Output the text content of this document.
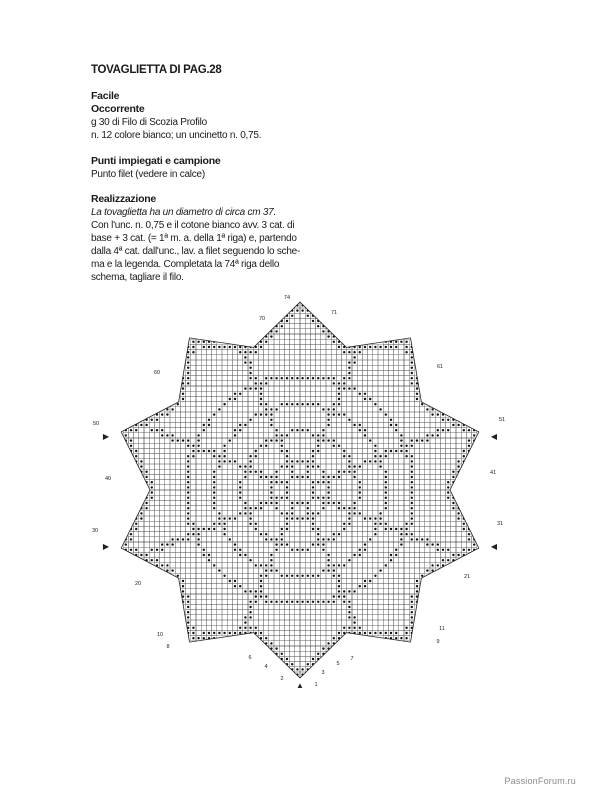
TOVAGLIETTA DI PAG.28
Facile
Occorrente
g 30 di Filo di Scozia Profilo
n. 12 colore bianco; un uncinetto n. 0,75.
Punti impiegati e campione
Punto filet (vedere in calce)
Realizzazione
La tovaglietta ha un diametro di circa cm 37.
Con l'unc. n. 0,75 e il cotone bianco avv. 3 cat. di
base + 3 cat. (= 1ª m. a. della 1ª riga) e, partendo
dalla 4ª cat. dall'unc., lav. a filet seguendo lo sche-
ma e la legenda. Completata la 74ª riga dello
schema, tagliare il filo.
▶	◀
▶	◀
▲ 1
2
3
4	5
6	7
8
9
10
11
20
21
30
31
40
41
50
51
60
61
70
71
74
PassionForum.ru
